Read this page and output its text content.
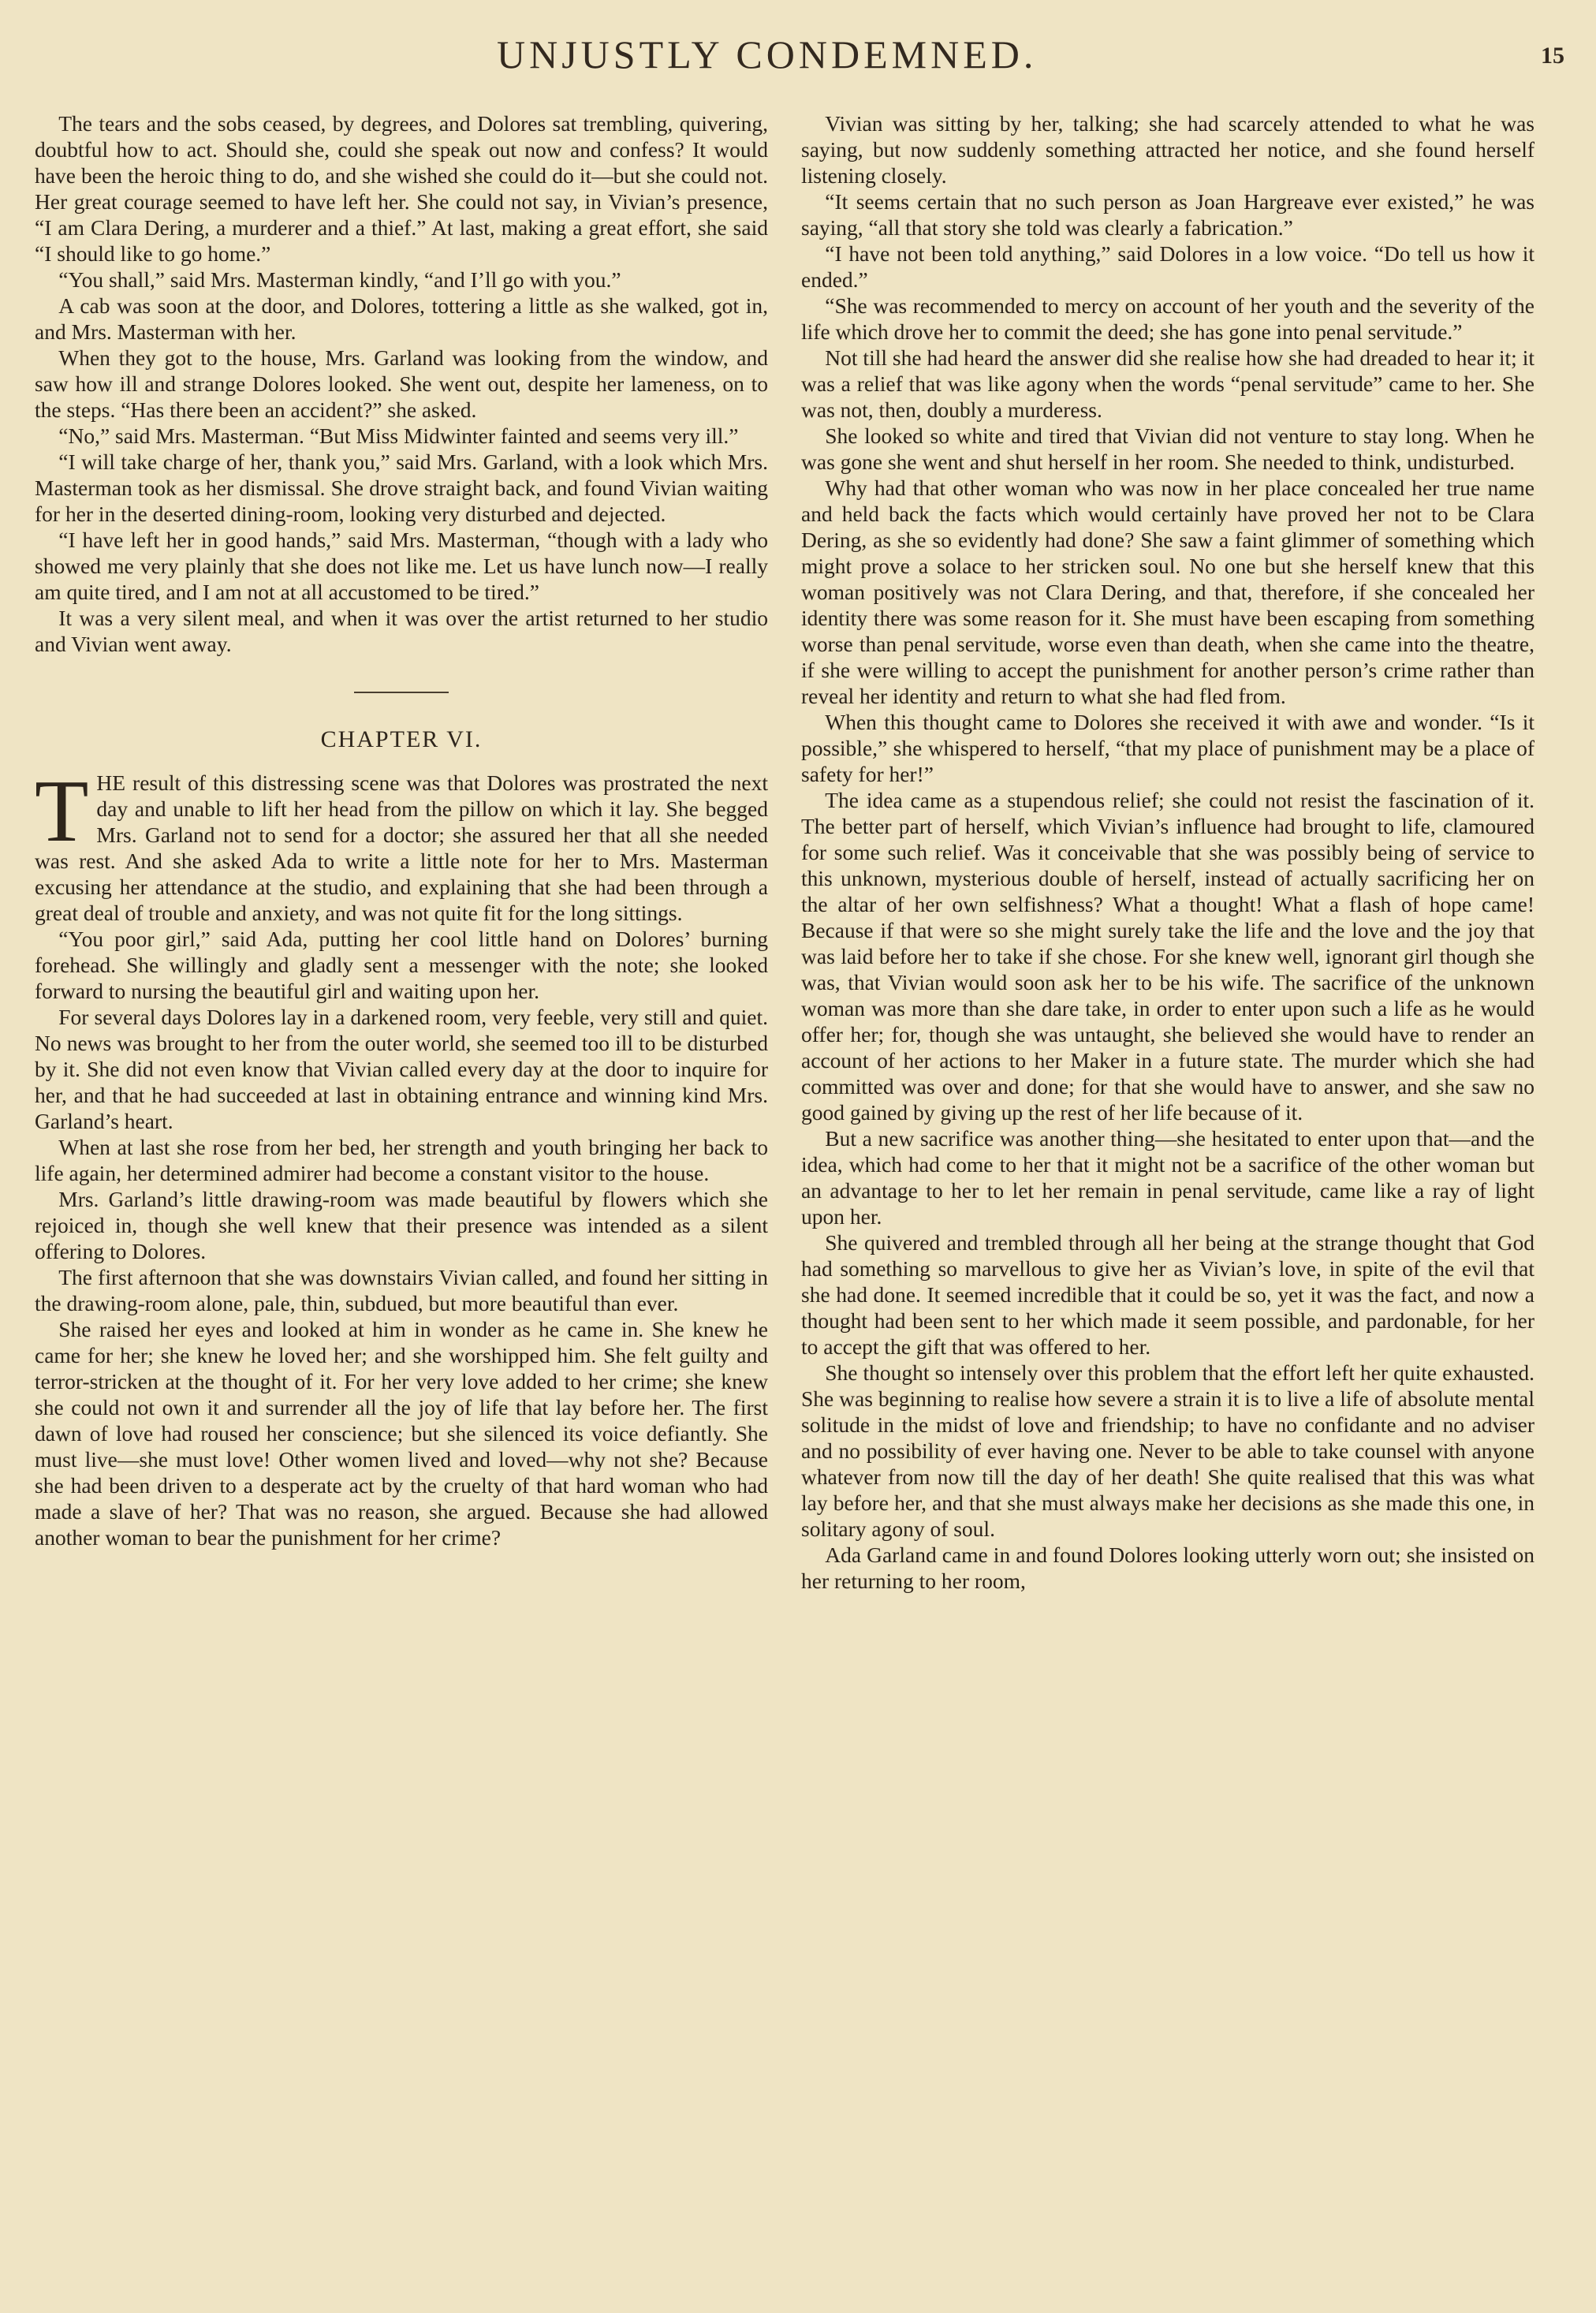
UNJUSTLY CONDEMNED.	15

The tears and the sobs ceased, by degrees, and Dolores sat trembling, quivering, doubtful how to act. Should she, could she speak out now and confess? It would have been the heroic thing to do, and she wished she could do it—but she could not. Her great courage seemed to have left her. She could not say, in Vivian’s presence, “I am Clara Dering, a murderer and a thief.” At last, making a great effort, she said “I should like to go home.”

“You shall,” said Mrs. Masterman kindly, “and I’ll go with you.”

A cab was soon at the door, and Dolores, tottering a little as she walked, got in, and Mrs. Masterman with her.

When they got to the house, Mrs. Garland was looking from the window, and saw how ill and strange Dolores looked. She went out, despite her lameness, on to the steps. “Has there been an accident?” she asked.

“No,” said Mrs. Masterman. “But Miss Midwinter fainted and seems very ill.”

“I will take charge of her, thank you,” said Mrs. Garland, with a look which Mrs. Masterman took as her dismissal. She drove straight back, and found Vivian waiting for her in the deserted dining-room, looking very disturbed and dejected.

“I have left her in good hands,” said Mrs. Masterman, “though with a lady who showed me very plainly that she does not like me. Let us have lunch now—I really am quite tired, and I am not at all accustomed to be tired.”

It was a very silent meal, and when it was over the artist returned to her studio and Vivian went away.

CHAPTER VI.

THE result of this distressing scene was that Dolores was prostrated the next day and unable to lift her head from the pillow on which it lay. She begged Mrs. Garland not to send for a doctor; she assured her that all she needed was rest. And she asked Ada to write a little note for her to Mrs. Masterman excusing her attendance at the studio, and explaining that she had been through a great deal of trouble and anxiety, and was not quite fit for the long sittings.

“You poor girl,” said Ada, putting her cool little hand on Dolores’ burning forehead. She willingly and gladly sent a messenger with the note; she looked forward to nursing the beautiful girl and waiting upon her.

For several days Dolores lay in a darkened room, very feeble, very still and quiet. No news was brought to her from the outer world, she seemed too ill to be disturbed by it. She did not even know that Vivian called every day at the door to inquire for her, and that he had succeeded at last in obtaining entrance and winning kind Mrs. Garland’s heart.

When at last she rose from her bed, her strength and youth bringing her back to life again, her determined admirer had become a constant visitor to the house.

Mrs. Garland’s little drawing-room was made beautiful by flowers which she rejoiced in, though she well knew that their presence was intended as a silent offering to Dolores.

The first afternoon that she was downstairs Vivian called, and found her sitting in the drawing-room alone, pale, thin, subdued, but more beautiful than ever.

She raised her eyes and looked at him in wonder as he came in. She knew he came for her; she knew he loved her; and she worshipped him. She felt guilty and terror-stricken at the thought of it. For her very love added to her crime; she knew she could not own it and surrender all the joy of life that lay before her. The first dawn of love had roused her conscience; but she silenced its voice defiantly. She must live—she must love! Other women lived and loved—why not she? Because she had been driven to a desperate act by the cruelty of that hard woman who had made a slave of her? That was no reason, she argued. Because she had allowed another woman to bear the punishment for her crime?

Vivian was sitting by her, talking; she had scarcely attended to what he was saying, but now suddenly something attracted her notice, and she found herself listening closely.

“It seems certain that no such person as Joan Hargreave ever existed,” he was saying, “all that story she told was clearly a fabrication.”

“I have not been told anything,” said Dolores in a low voice. “Do tell us how it ended.”

“She was recommended to mercy on account of her youth and the severity of the life which drove her to commit the deed; she has gone into penal servitude.”

Not till she had heard the answer did she realise how she had dreaded to hear it; it was a relief that was like agony when the words “penal servitude” came to her. She was not, then, doubly a murderess.

She looked so white and tired that Vivian did not venture to stay long. When he was gone she went and shut herself in her room. She needed to think, undisturbed.

Why had that other woman who was now in her place concealed her true name and held back the facts which would certainly have proved her not to be Clara Dering, as she so evidently had done? She saw a faint glimmer of something which might prove a solace to her stricken soul. No one but she herself knew that this woman positively was not Clara Dering, and that, therefore, if she concealed her identity there was some reason for it. She must have been escaping from something worse than penal servitude, worse even than death, when she came into the theatre, if she were willing to accept the punishment for another person’s crime rather than reveal her identity and return to what she had fled from.

When this thought came to Dolores she received it with awe and wonder. “Is it possible,” she whispered to herself, “that my place of punishment may be a place of safety for her!”

The idea came as a stupendous relief; she could not resist the fascination of it. The better part of herself, which Vivian’s influence had brought to life, clamoured for some such relief. Was it conceivable that she was possibly being of service to this unknown, mysterious double of herself, instead of actually sacrificing her on the altar of her own selfishness? What a thought! What a flash of hope came! Because if that were so she might surely take the life and the love and the joy that was laid before her to take if she chose. For she knew well, ignorant girl though she was, that Vivian would soon ask her to be his wife. The sacrifice of the unknown woman was more than she dare take, in order to enter upon such a life as he would offer her; for, though she was untaught, she believed she would have to render an account of her actions to her Maker in a future state. The murder which she had committed was over and done; for that she would have to answer, and she saw no good gained by giving up the rest of her life because of it.

But a new sacrifice was another thing—she hesitated to enter upon that—and the idea, which had come to her that it might not be a sacrifice of the other woman but an advantage to her to let her remain in penal servitude, came like a ray of light upon her.

She quivered and trembled through all her being at the strange thought that God had something so marvellous to give her as Vivian’s love, in spite of the evil that she had done. It seemed incredible that it could be so, yet it was the fact, and now a thought had been sent to her which made it seem possible, and pardonable, for her to accept the gift that was offered to her.

She thought so intensely over this problem that the effort left her quite exhausted. She was beginning to realise how severe a strain it is to live a life of absolute mental solitude in the midst of love and friendship; to have no confidante and no adviser and no possibility of ever having one. Never to be able to take counsel with anyone whatever from now till the day of her death! She quite realised that this was what lay before her, and that she must always make her decisions as she made this one, in solitary agony of soul.

Ada Garland came in and found Dolores looking utterly worn out; she insisted on her returning to her room,
